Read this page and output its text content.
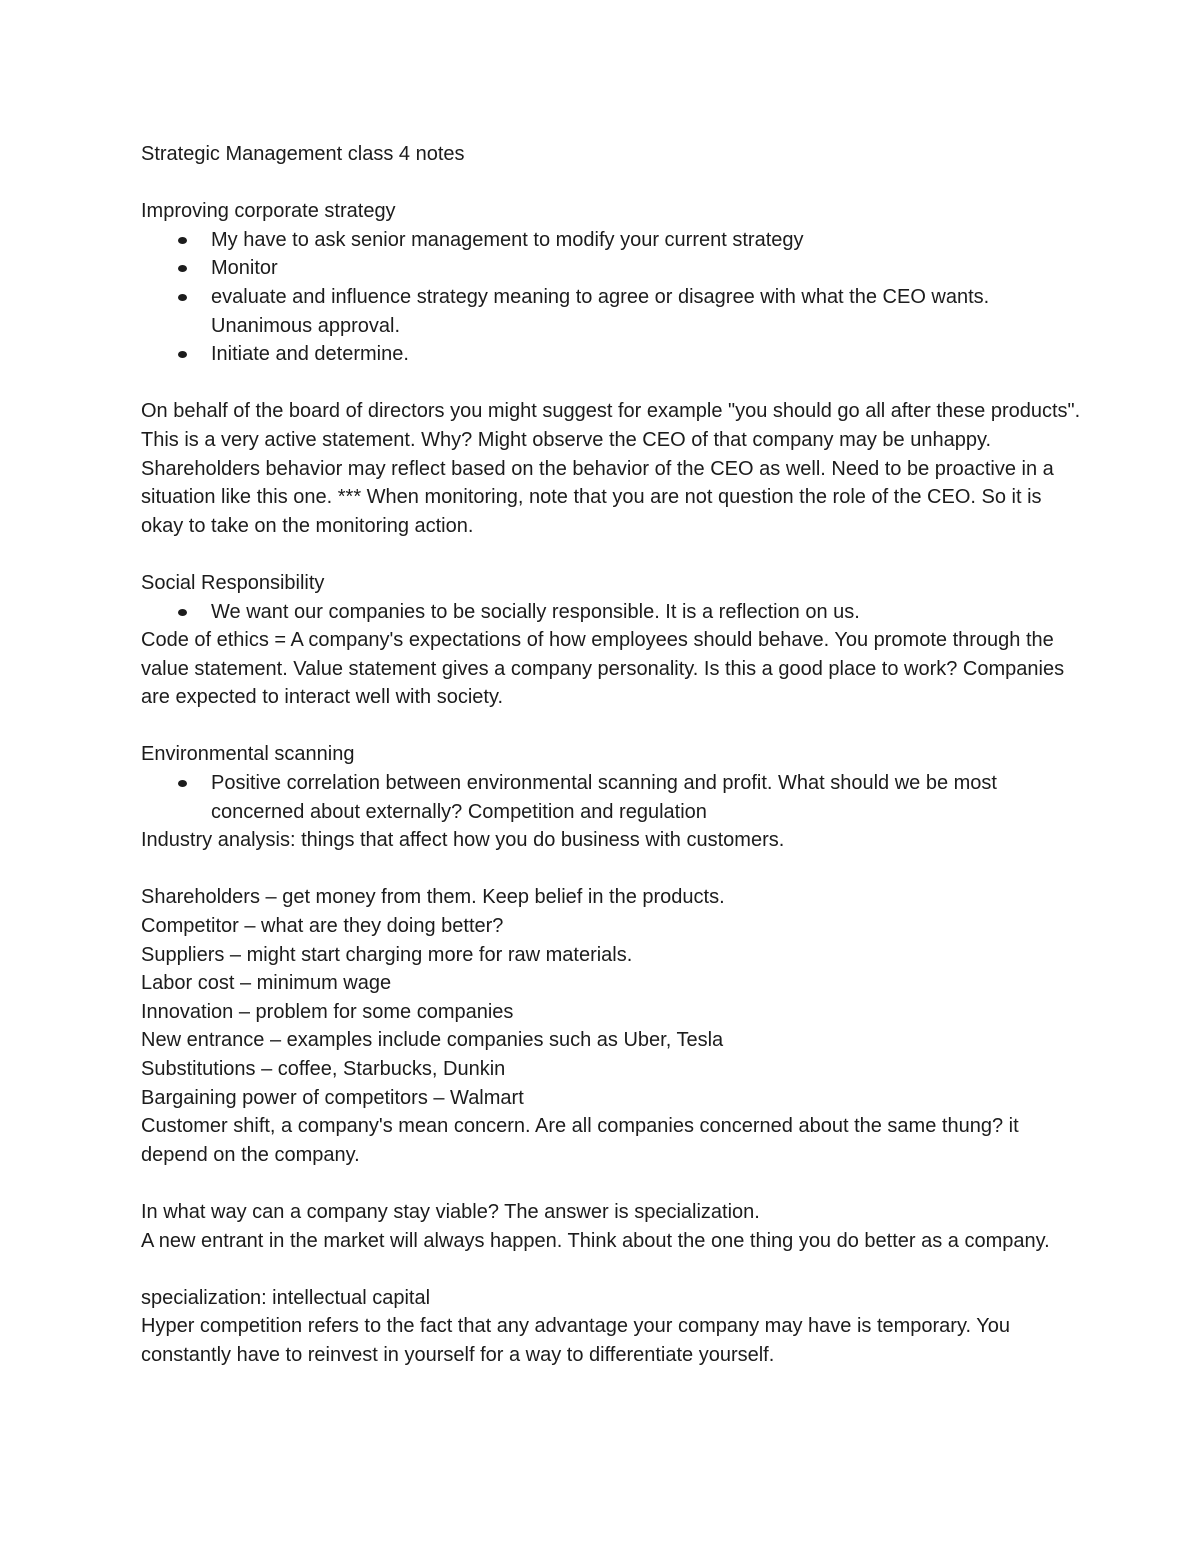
Strategic Management class 4 notes

Improving corporate strategy

My have to ask senior management to modify your current strategy
Monitor
evaluate and influence strategy meaning to agree or disagree with what the CEO wants. Unanimous approval.
Initiate and determine.

On behalf of the board of directors you might suggest for example "you should go all after these products". This is a very active statement. Why? Might observe the CEO of that company may be unhappy. Shareholders behavior may reflect based on the behavior of the CEO as well. Need to be proactive in a situation like this one. *** When monitoring, note that you are not question the role of the CEO. So it is okay to take on the monitoring action.

Social Responsibility

We want our companies to be socially responsible. It is a reflection on us.

Code of ethics = A company's expectations of how employees should behave. You promote through the value statement. Value statement gives a company personality. Is this a good place to work? Companies are expected to interact well with society.

Environmental scanning

Positive correlation between environmental scanning and profit. What should we be most concerned about externally? Competition and regulation

Industry analysis: things that affect how you do business with customers.

Shareholders – get money from them. Keep belief in the products.

Competitor – what are they doing better?

Suppliers – might start charging more for raw materials.

Labor cost – minimum wage

Innovation – problem for some companies

New entrance – examples include companies such as Uber, Tesla

Substitutions – coffee, Starbucks, Dunkin

Bargaining power of competitors – Walmart

Customer shift, a company's mean concern. Are all companies concerned about the same thung? it depend on the company.

In what way can a company stay viable? The answer is specialization.

A new entrant in the market will always happen. Think about the one thing you do better as a company.

specialization: intellectual capital

Hyper competition refers to the fact that any advantage your company may have is temporary. You constantly have to reinvest in yourself for a way to differentiate yourself.
